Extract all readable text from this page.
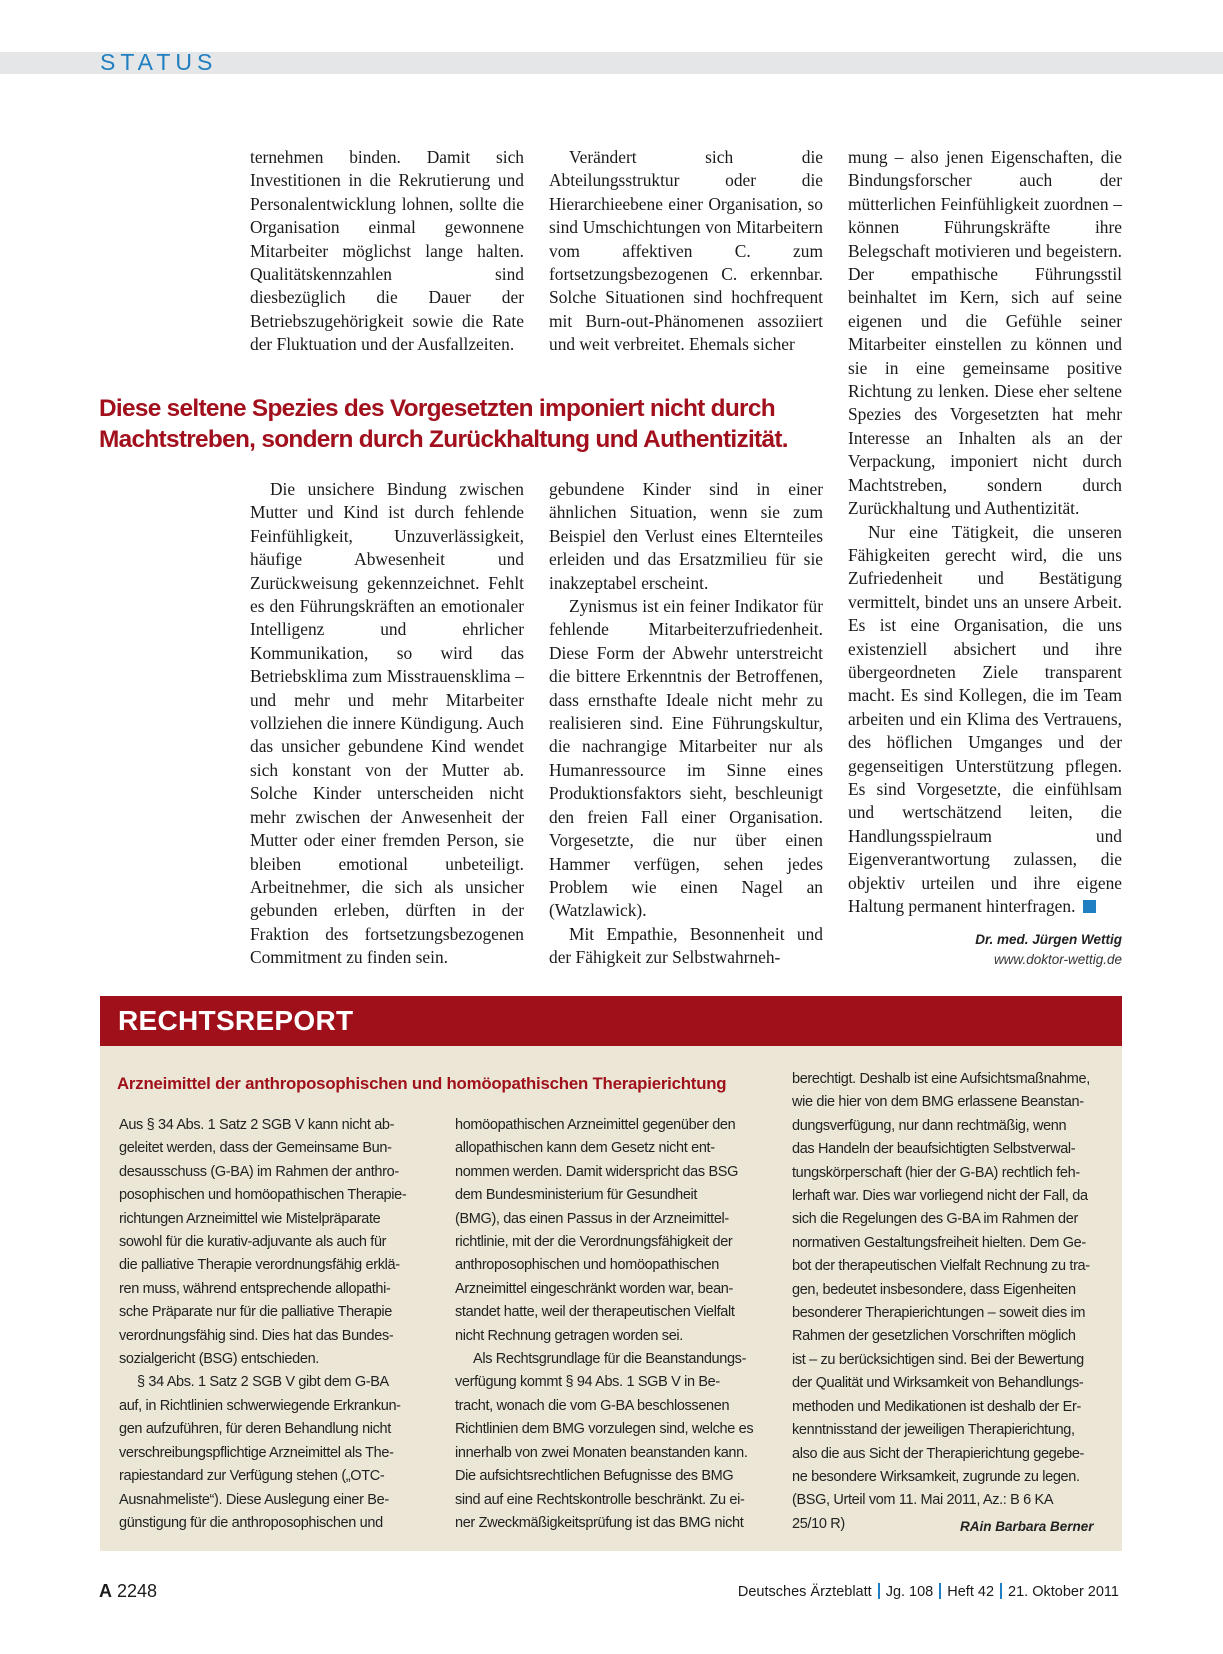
STATUS

ternehmen binden. Damit sich Investitionen in die Rekrutierung und Personalentwicklung lohnen, sollte die Organisation einmal gewonnene Mitarbeiter möglichst lange halten. Qualitätskennzahlen sind diesbezüglich die Dauer der Betriebszugehörigkeit sowie die Rate der Fluktuation und der Ausfallzeiten.

Verändert sich die Abteilungsstruktur oder die Hierarchieebene einer Organisation, so sind Umschichtungen von Mitarbeitern vom affektiven C. zum fortsetzungsbezogenen C. erkennbar. Solche Situationen sind hochfrequent mit Burn-out-Phänomenen assoziiert und weit verbreitet. Ehemals sicher

Diese seltene Spezies des Vorgesetzten imponiert nicht durch Machtstreben, sondern durch Zurückhaltung und Authentizität.

Die unsichere Bindung zwischen Mutter und Kind ist durch fehlende Feinfühligkeit, Unzuverlässigkeit, häufige Abwesenheit und Zurückweisung gekennzeichnet. Fehlt es den Führungskräften an emotionaler Intelligenz und ehrlicher Kommunikation, so wird das Betriebsklima zum Misstrauensklima – und mehr und mehr Mitarbeiter vollziehen die innere Kündigung. Auch das unsicher gebundene Kind wendet sich konstant von der Mutter ab. Solche Kinder unterscheiden nicht mehr zwischen der Anwesenheit der Mutter oder einer fremden Person, sie bleiben emotional unbeteiligt. Arbeitnehmer, die sich als unsicher gebunden erleben, dürften in der Fraktion des fortsetzungsbezogenen Commitment zu finden sein.

gebundene Kinder sind in einer ähnlichen Situation, wenn sie zum Beispiel den Verlust eines Elternteiles erleiden und das Ersatzmilieu für sie inakzeptabel erscheint.

Zynismus ist ein feiner Indikator für fehlende Mitarbeiterzufriedenheit. Diese Form der Abwehr unterstreicht die bittere Erkenntnis der Betroffenen, dass ernsthafte Ideale nicht mehr zu realisieren sind. Eine Führungskultur, die nachrangige Mitarbeiter nur als Humanressource im Sinne eines Produktionsfaktors sieht, beschleunigt den freien Fall einer Organisation. Vorgesetzte, die nur über einen Hammer verfügen, sehen jedes Problem wie einen Nagel an (Watzlawick).

Mit Empathie, Besonnenheit und der Fähigkeit zur Selbstwahrneh-

mung – also jenen Eigenschaften, die Bindungsforscher auch der mütterlichen Feinfühligkeit zuordnen – können Führungskräfte ihre Belegschaft motivieren und begeistern. Der empathische Führungsstil beinhaltet im Kern, sich auf seine eigenen und die Gefühle seiner Mitarbeiter einstellen zu können und sie in eine gemeinsame positive Richtung zu lenken. Diese eher seltene Spezies des Vorgesetzten hat mehr Interesse an Inhalten als an der Verpackung, imponiert nicht durch Machtstreben, sondern durch Zurückhaltung und Authentizität.

Nur eine Tätigkeit, die unseren Fähigkeiten gerecht wird, die uns Zufriedenheit und Bestätigung vermittelt, bindet uns an unsere Arbeit. Es ist eine Organisation, die uns existenziell absichert und ihre übergeordneten Ziele transparent macht. Es sind Kollegen, die im Team arbeiten und ein Klima des Vertrauens, des höflichen Umganges und der gegenseitigen Unterstützung pflegen. Es sind Vorgesetzte, die einfühlsam und wertschätzend leiten, die Handlungsspielraum und Eigenverantwortung zulassen, die objektiv urteilen und ihre eigene Haltung permanent hinterfragen.

Dr. med. Jürgen Wettig
www.doktor-wettig.de
RECHTSREPORT
Arzneimittel der anthroposophischen und homöopathischen Therapierichtung

Aus § 34 Abs. 1 Satz 2 SGB V kann nicht ab-

geleitet werden, dass der Gemeinsame Bun-

desausschuss (G-BA) im Rahmen der anthro-

posophischen und homöopathischen Therapie-

richtungen Arzneimittel wie Mistelpräparate

sowohl für die kurativ-adjuvante als auch für

die palliative Therapie verordnungsfähig erklä-

ren muss, während entsprechende allopathi-

sche Präparate nur für die palliative Therapie

verordnungsfähig sind. Dies hat das Bundes-

sozialgericht (BSG) entschieden.

§ 34 Abs. 1 Satz 2 SGB V gibt dem G-BA

auf, in Richtlinien schwerwiegende Erkrankun-

gen aufzuführen, für deren Behandlung nicht

verschreibungspflichtige Arzneimittel als The-

rapiestandard zur Verfügung stehen („OTC-

Ausnahmeliste“). Diese Auslegung einer Be-

günstigung für die anthroposophischen und

homöopathischen Arzneimittel gegenüber den

allopathischen kann dem Gesetz nicht ent-

nommen werden. Damit widerspricht das BSG

dem Bundesministerium für Gesundheit

(BMG), das einen Passus in der Arzneimittel-

richtlinie, mit der die Verordnungsfähigkeit der

anthroposophischen und homöopathischen

Arzneimittel eingeschränkt worden war, bean-

standet hatte, weil der therapeutischen Vielfalt

nicht Rechnung getragen worden sei.

Als Rechtsgrundlage für die Beanstandungs-

verfügung kommt § 94 Abs. 1 SGB V in Be-

tracht, wonach die vom G-BA beschlossenen

Richtlinien dem BMG vorzulegen sind, welche es

innerhalb von zwei Monaten beanstanden kann.

Die aufsichtsrechtlichen Befugnisse des BMG

sind auf eine Rechtskontrolle beschränkt. Zu ei-

ner Zweckmäßigkeitsprüfung ist das BMG nicht

berechtigt. Deshalb ist eine Aufsichtsmaßnahme,

wie die hier von dem BMG erlassene Beanstan-

dungsverfügung, nur dann rechtmäßig, wenn

das Handeln der beaufsichtigten Selbstverwal-

tungskörperschaft (hier der G-BA) rechtlich feh-

lerhaft war. Dies war vorliegend nicht der Fall, da

sich die Regelungen des G-BA im Rahmen der

normativen Gestaltungsfreiheit hielten. Dem Ge-

bot der therapeutischen Vielfalt Rechnung zu tra-

gen, bedeutet insbesondere, dass Eigenheiten

besonderer Therapierichtungen – soweit dies im

Rahmen der gesetzlichen Vorschriften möglich

ist – zu berücksichtigen sind. Bei der Bewertung

der Qualität und Wirksamkeit von Behandlungs-

methoden und Medikationen ist deshalb der Er-

kenntnisstand der jeweiligen Therapierichtung,

also die aus Sicht der Therapierichtung gegebe-

ne besondere Wirksamkeit, zugrunde zu legen.

(BSG, Urteil vom 11. Mai 2011, Az.: B 6 KA

25/10 R)	RAin Barbara Berner
A 2248	Deutsches Ärzteblatt Jg. 108 Heft 42 21. Oktober 2011
